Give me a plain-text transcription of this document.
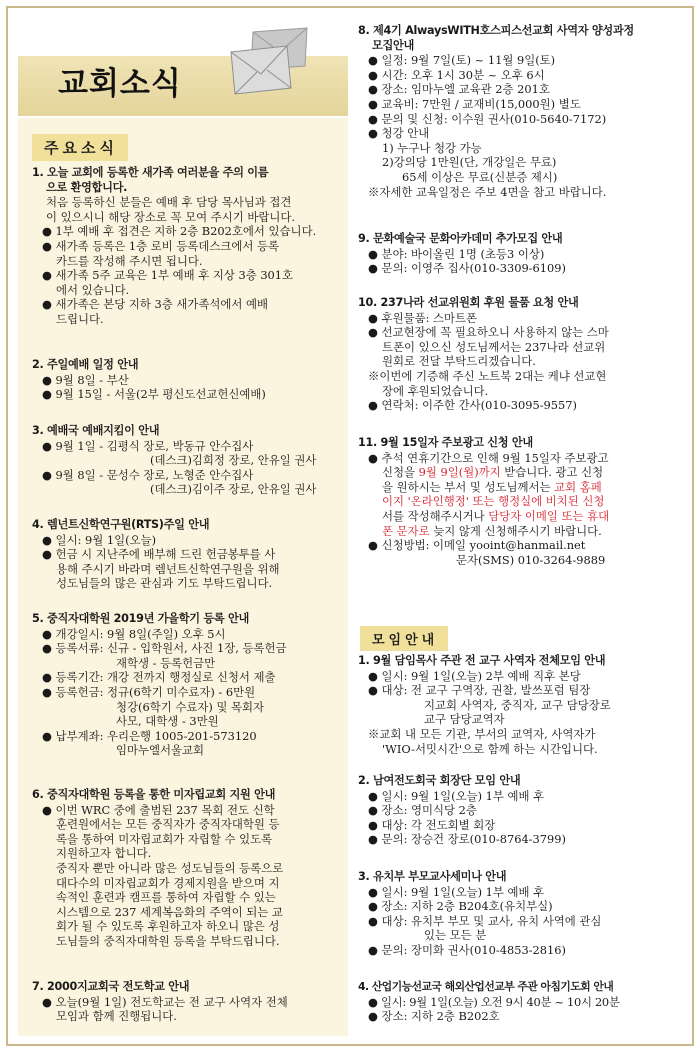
교회소식
주요소식
1. 오늘 교회에 등록한 새가족 여러분을 주의 이름
으로 환영합니다.
처음 등록하신 분들은 예배 후 담당 목사님과 접견
이 있으시니 해당 장소로 꼭 모여 주시기 바랍니다.
● 1부 예배 후 접견은 지하 2층 B202호에서 있습니다.
● 새가족 등록은 1층 로비 등록데스크에서 등록
카드를 작성해 주시면 됩니다.
● 새가족 5주 교육은 1부 예배 후 지상 3층 301호
에서 있습니다.
● 새가족은 본당 지하 3층 새가족석에서 예배
드립니다.
2. 주일예배 일정 안내
● 9월 8일 - 부산
● 9월 15일 - 서울(2부 평신도선교헌신예배)
3. 예배국 예배지킴이 안내
● 9월 1일 - 김평식 장로, 박동규 안수집사
(데스크)김희정 장로, 안유일 권사
● 9월 8일 - 문성수 장로, 노형준 안수집사
(데스크)김이주 장로, 안유일 권사
4. 렘넌트신학연구원(RTS)주일 안내
● 일시: 9월 1일(오늘)
● 헌금 시 지난주에 배부해 드린 헌금봉투를 사
용해 주시기 바라며 렘넌트신학연구원을 위해
성도님들의 많은 관심과 기도 부탁드립니다.
5. 중직자대학원 2019년 가을학기 등록 안내
● 개강일시: 9월 8일(주일) 오후 5시
● 등록서류: 신규 - 입학원서, 사진 1장, 등록헌금
재학생 - 등록헌금만
● 등록기간: 개강 전까지 행정실로 신청서 제출
● 등록헌금: 정규(6학기 미수료자) - 6만원
청강(6학기 수료자) 및 목회자
사모, 대학생 - 3만원
● 납부계좌: 우리은행 1005-201-573120
임마누엘서울교회
6. 중직자대학원 등록을 통한 미자립교회 지원 안내
● 이번 WRC 중에 출범된 237 목회 전도 신학
훈련원에서는 모든 중직자가 중직자대학원 등
록을 통하여 미자립교회가 자립할 수 있도록
지원하고자 합니다.
중직자 뿐만 아니라 많은 성도님들의 등록으로
대다수의 미자립교회가 경제지원을 받으며 지
속적인 훈련과 캠프를 통하여 자립할 수 있는
시스템으로 237 세계복음화의 주역이 되는 교
회가 될 수 있도록 후원하고자 하오니 많은 성
도님들의 중직자대학원 등록을 부탁드립니다.
7. 2000지교회국 전도학교 안내
● 오늘(9월 1일) 전도학교는 전 교구 사역자 전체
모임과 함께 진행됩니다.
8. 제4기 AlwaysWITH호스피스선교회 사역자 양성과정
모집안내
● 일정: 9월 7일(토) ~ 11월 9일(토)
● 시간: 오후 1시 30분 ~ 오후 6시
● 장소: 임마누엘 교육관 2층 201호
● 교육비: 7만원 / 교재비(15,000원) 별도
● 문의 및 신청: 이수원 권사(010-5640-7172)
● 청강 안내
1) 누구나 청강 가능
2)강의당 1만원(단, 개강일은 무료)
65세 이상은 무료(신분증 제시)
※자세한 교육일정은 주보 4면을 참고 바랍니다.
9. 문화예술국 문화아카데미 추가모집 안내
● 분야: 바이올린 1명 (초등3 이상)
● 문의: 이영주 집사(010-3309-6109)
10. 237나라 선교위원회 후원 물품 요청 안내
● 후원물품: 스마트폰
● 선교현장에 꼭 필요하오니 사용하지 않는 스마
트폰이 있으신 성도님께서는 237나라 선교위
원회로 전달 부탁드리겠습니다.
※이번에 기증해 주신 노트북 2대는 케냐 선교현
장에 후원되었습니다.
● 연락처: 이주한 간사(010-3095-9557)
11. 9월 15일자 주보광고 신청 안내
● 추석 연휴기간으로 인해 9월 15일자 주보광고
신청을 9월 9일(월)까지 받습니다. 광고 신청
을 원하시는 부서 및 성도님께서는 교회 홈페
이지 '온라인행정' 또는 행정실에 비치된 신청
서를 작성해주시거나 담당자 이메일 또는 휴대
폰 문자로 늦지 않게 신청해주시기 바랍니다.
● 신청방법: 이메일 yooint@hanmail.net
문자(SMS) 010-3264-9889
모임안내
1. 9월 담임목사 주관 전 교구 사역자 전체모임 안내
● 일시: 9월 1일(오늘) 2부 예배 직후 본당
● 대상: 전 교구 구역장, 권찰, 발쓰포럼 팀장
지교회 사역자, 중직자, 교구 담당장로
교구 담당교역자
※교회 내 모든 기관, 부서의 교역자, 사역자가
'WIO-서밋시간'으로 함께 하는 시간입니다.
2. 남여전도회국 회장단 모임 안내
● 일시: 9월 1일(오늘) 1부 예배 후
● 장소: 영미식당 2층
● 대상: 각 전도회별 회장
● 문의: 장승건 장로(010-8764-3799)
3. 유치부 부모교사세미나 안내
● 일시: 9월 1일(오늘) 1부 예배 후
● 장소: 지하 2층 B204호(유치부실)
● 대상: 유치부 부모 및 교사, 유치 사역에 관심
있는 모든 분
● 문의: 장미화 권사(010-4853-2816)
4. 산업기능선교국 해외산업선교부 주관 아침기도회 안내
● 일시: 9월 1일(오늘) 오전 9시 40분 ~ 10시 20분
● 장소: 지하 2층 B202호
